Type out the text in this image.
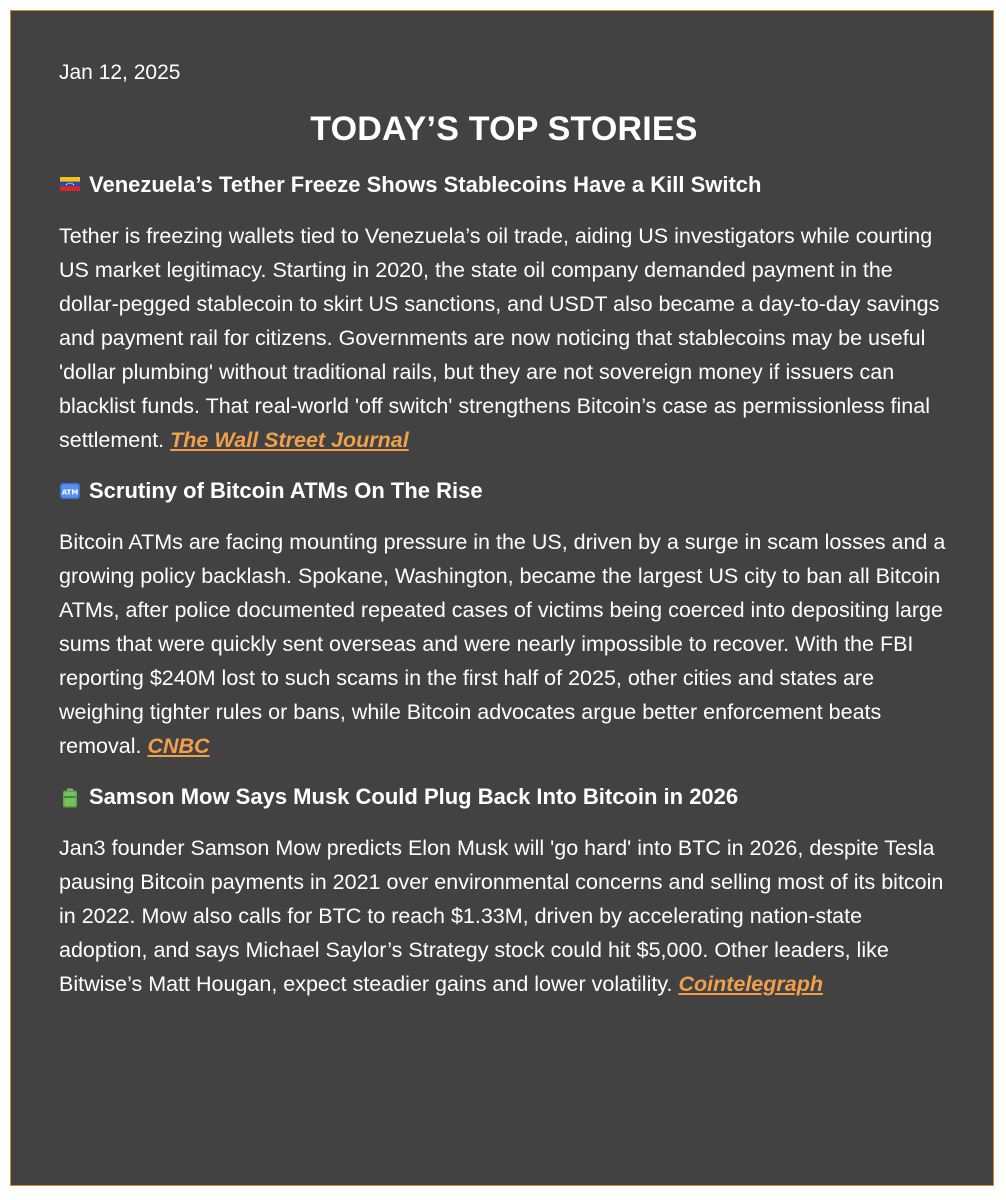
Jan 12, 2025

TODAY’S TOP STORIES
Venezuela’s Tether Freeze Shows Stablecoins Have a Kill Switch

Tether is freezing wallets tied to Venezuela’s oil trade, aiding US investigators while courting US market legitimacy. Starting in 2020, the state oil company demanded payment in the dollar-pegged stablecoin to skirt US sanctions, and USDT also became a day-to-day savings and payment rail for citizens. Governments are now noticing that stablecoins may be useful 'dollar plumbing' without traditional rails, but they are not sovereign money if issuers can blacklist funds. That real-world 'off switch' strengthens Bitcoin’s case as permissionless final settlement. The Wall Street Journal

ATM Scrutiny of Bitcoin ATMs On The Rise

Bitcoin ATMs are facing mounting pressure in the US, driven by a surge in scam losses and a growing policy backlash. Spokane, Washington, became the largest US city to ban all Bitcoin ATMs, after police documented repeated cases of victims being coerced into depositing large sums that were quickly sent overseas and were nearly impossible to recover. With the FBI reporting $240M lost to such scams in the first half of 2025, other cities and states are weighing tighter rules or bans, while Bitcoin advocates argue better enforcement beats removal. CNBC

Samson Mow Says Musk Could Plug Back Into Bitcoin in 2026

Jan3 founder Samson Mow predicts Elon Musk will 'go hard' into BTC in 2026, despite Tesla pausing Bitcoin payments in 2021 over environmental concerns and selling most of its bitcoin in 2022. Mow also calls for BTC to reach $1.33M, driven by accelerating nation-state adoption, and says Michael Saylor’s Strategy stock could hit $5,000. Other leaders, like Bitwise’s Matt Hougan, expect steadier gains and lower volatility. Cointelegraph
